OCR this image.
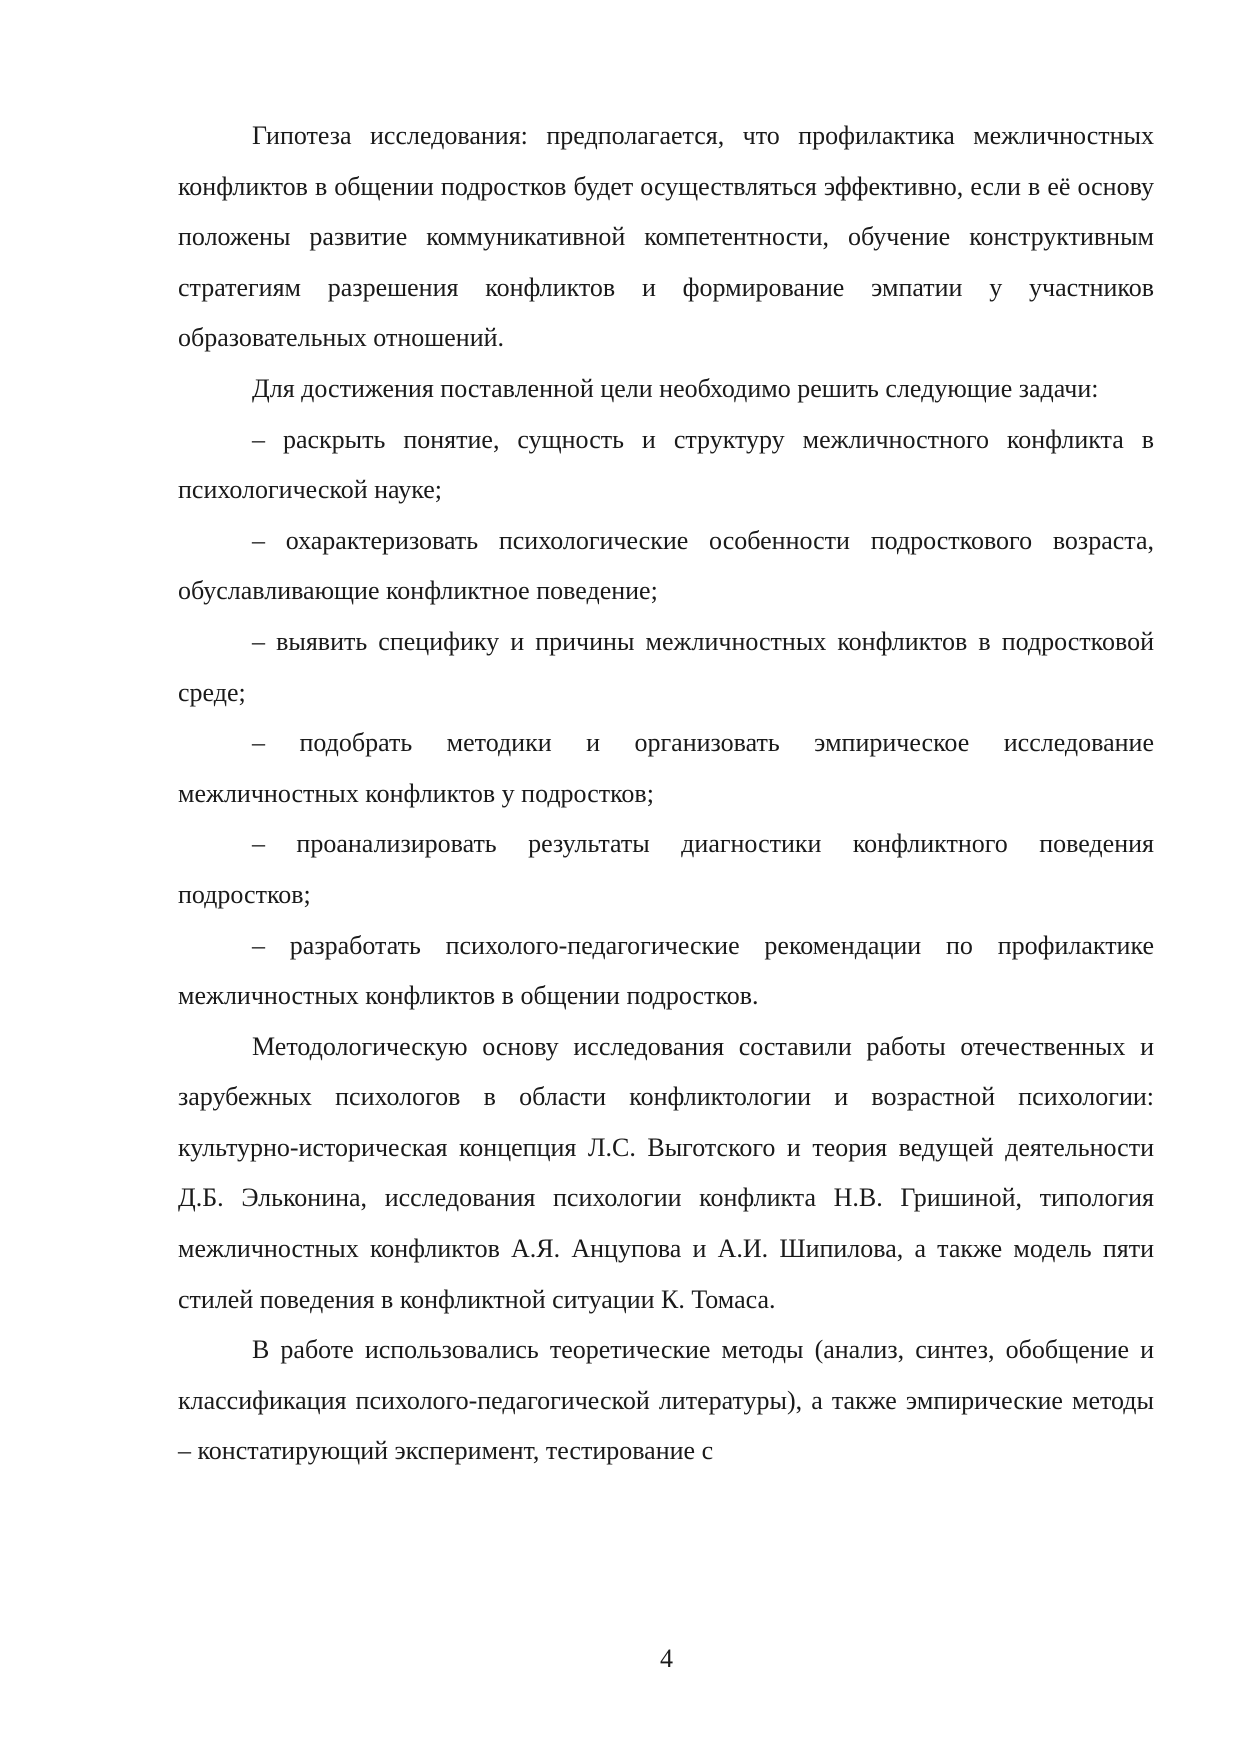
Гипотеза исследования: предполагается, что профилактика межличностных конфликтов в общении подростков будет осуществляться эффективно, если в её основу положены развитие коммуникативной компетентности, обучение конструктивным стратегиям разрешения конфликтов и формирование эмпатии у участников образовательных отношений.

Для достижения поставленной цели необходимо решить следующие задачи:

– раскрыть понятие, сущность и структуру межличностного конфликта в психологической науке;

– охарактеризовать психологические особенности подросткового возраста, обуславливающие конфликтное поведение;

– выявить специфику и причины межличностных конфликтов в подростковой среде;

– подобрать методики и организовать эмпирическое исследование межличностных конфликтов у подростков;

– проанализировать результаты диагностики конфликтного поведения подростков;

– разработать психолого-педагогические рекомендации по профилактике межличностных конфликтов в общении подростков.

Методологическую основу исследования составили работы отечественных и зарубежных психологов в области конфликтологии и возрастной психологии: культурно-историческая концепция Л.С. Выготского и теория ведущей деятельности Д.Б. Эльконина, исследования психологии конфликта Н.В. Гришиной, типология межличностных конфликтов А.Я. Анцупова и А.И. Шипилова, а также модель пяти стилей поведения в конфликтной ситуации К. Томаса.

В работе использовались теоретические методы (анализ, синтез, обобщение и классификация психолого-педагогической литературы), а также эмпирические методы – констатирующий эксперимент, тестирование с

4
